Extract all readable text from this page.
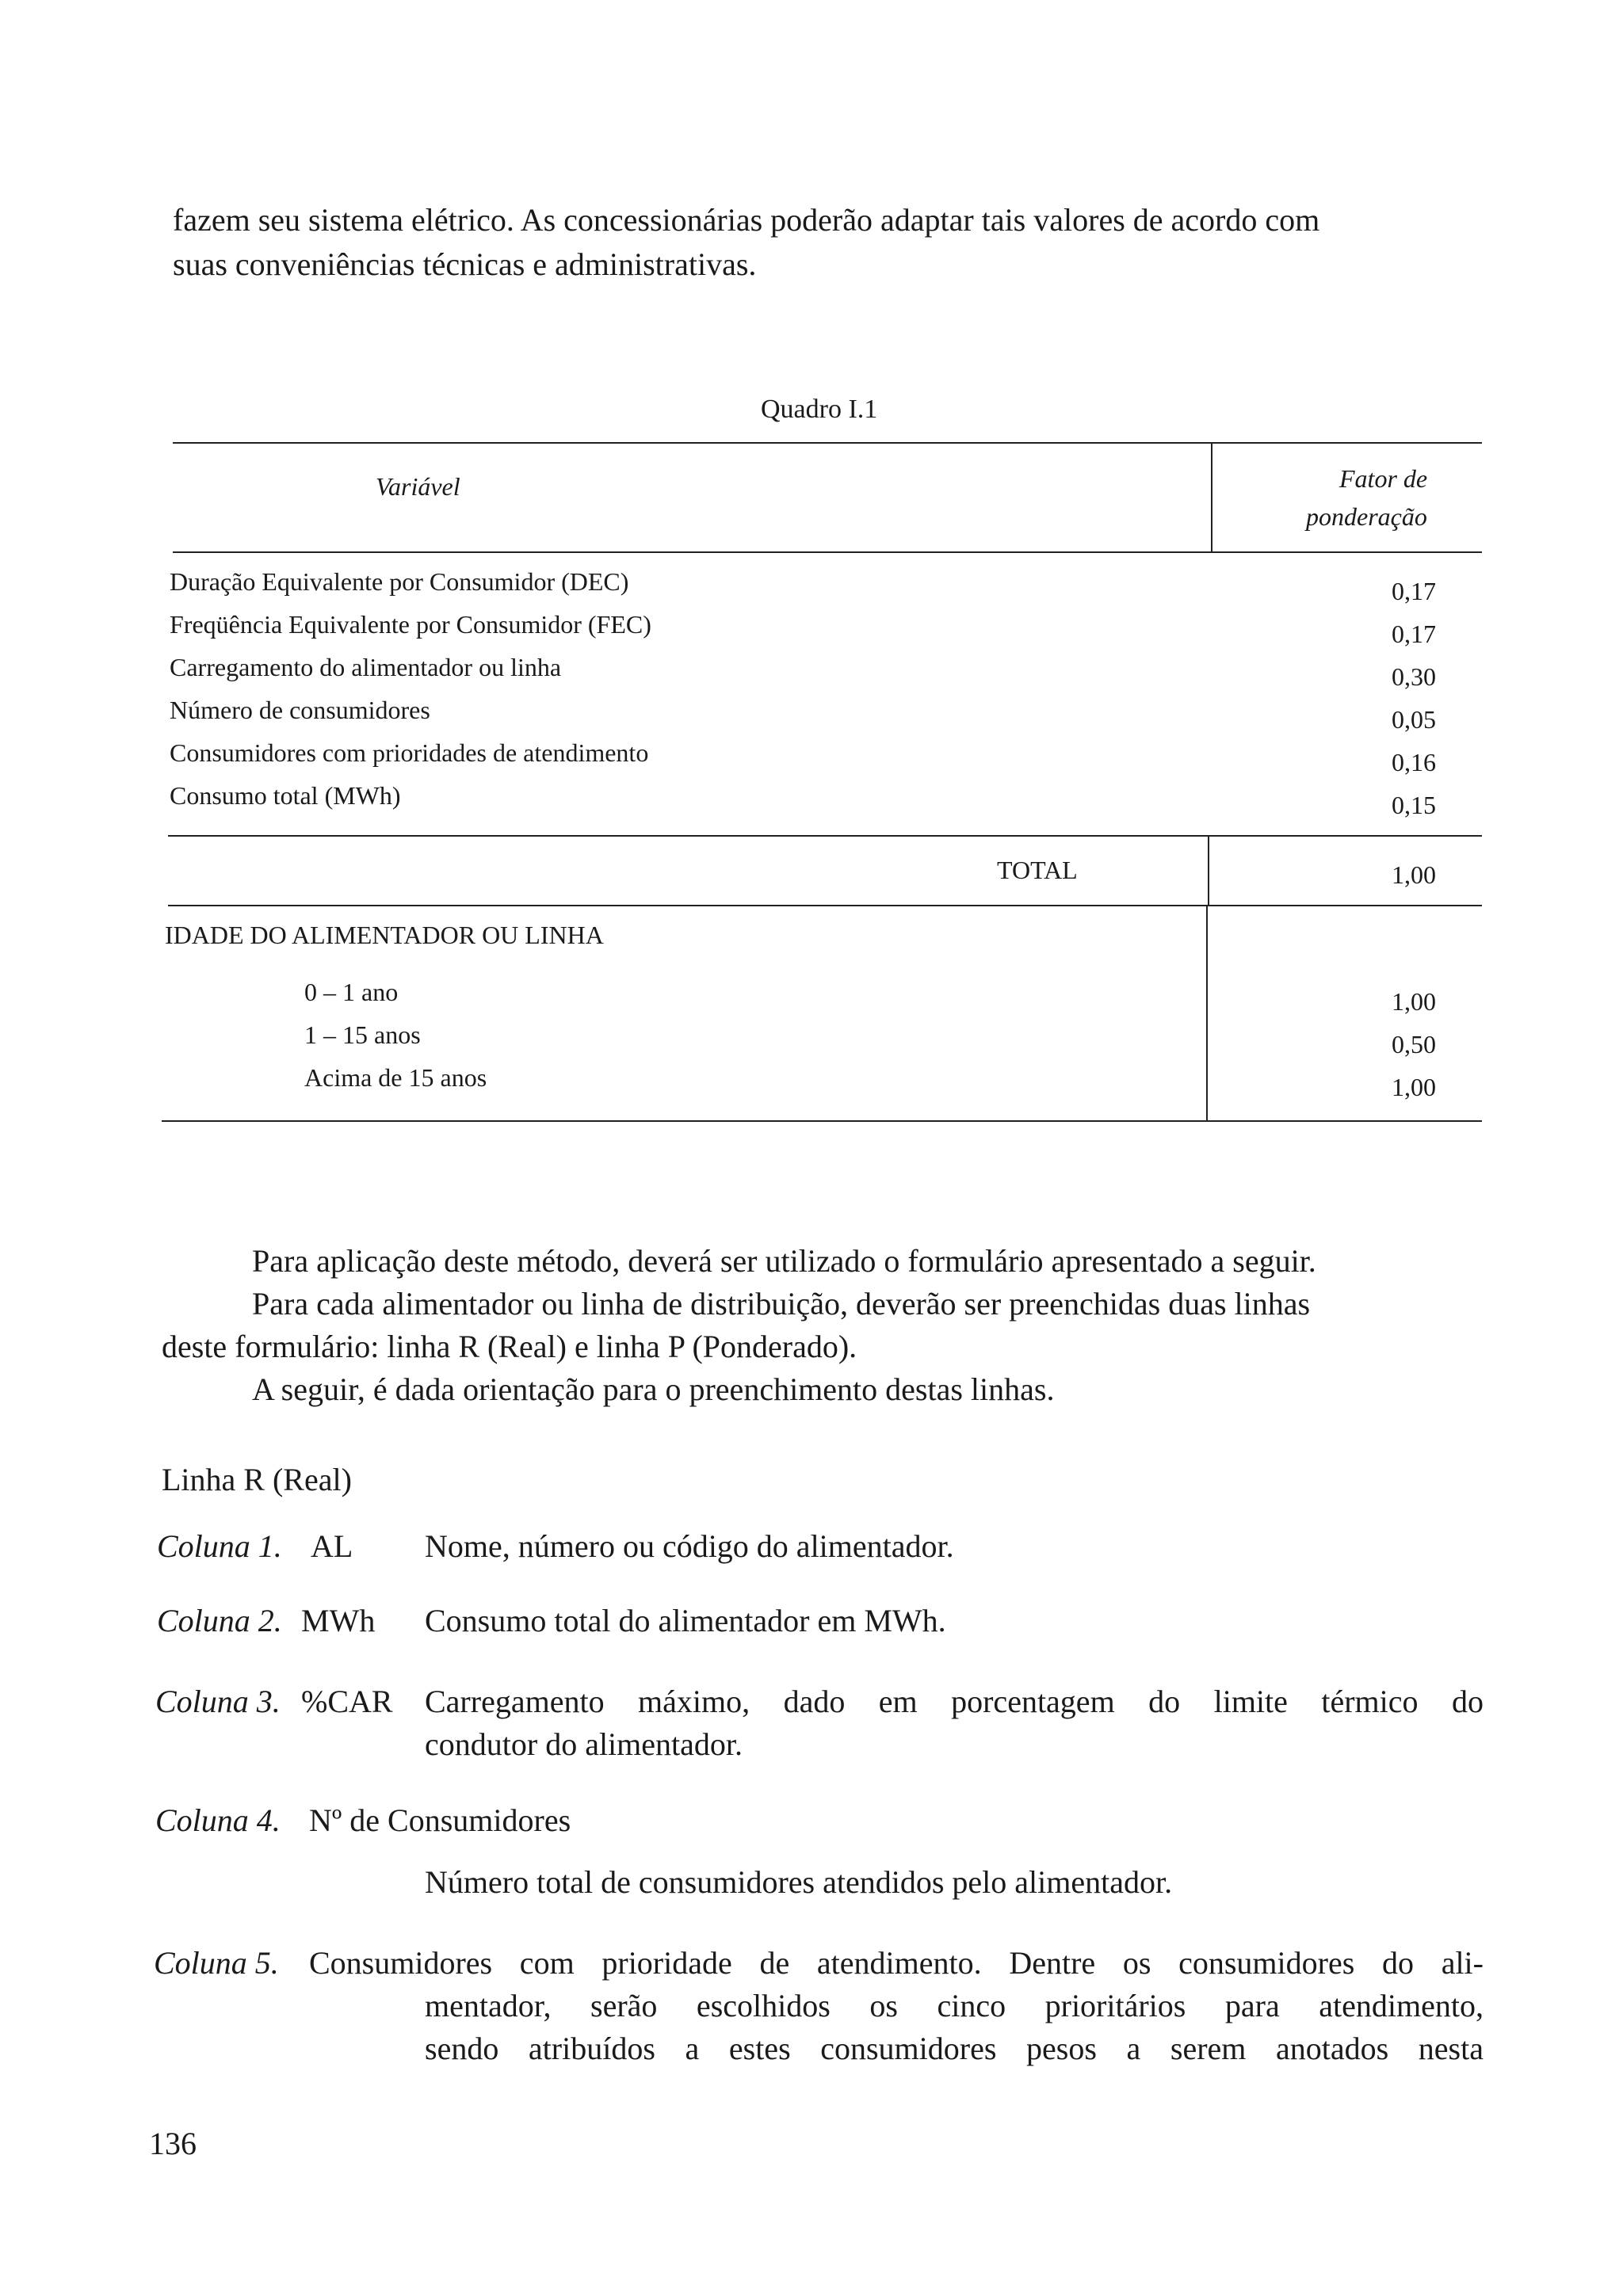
fazem seu sistema elétrico. As concessionárias poderão adaptar tais valores de acordo com
suas conveniências técnicas e administrativas.
Quadro I.1
Variável	Fator de
ponderação
Duração Equivalente por Consumidor (DEC)	0,17
Freqüência Equivalente por Consumidor (FEC)	0,17
Carregamento do alimentador ou linha	0,30
Número de consumidores	0,05
Consumidores com prioridades de atendimento	0,16
Consumo total (MWh)	0,15
TOTAL	1,00
IDADE DO ALIMENTADOR OU LINHA
0 – 1 ano	1,00
1 – 15 anos	0,50
Acima de 15 anos	1,00
Para aplicação deste método, deverá ser utilizado o formulário apresentado a seguir.
Para cada alimentador ou linha de distribuição, deverão ser preenchidas duas linhas
deste formulário: linha R (Real) e linha P (Ponderado).
A seguir, é dada orientação para o preenchimento destas linhas.
Linha R (Real)
Coluna 1. AL Nome, número ou código do alimentador.
Coluna 2. MWh Consumo total do alimentador em MWh.
Coluna 3. %CAR Carregamento máximo, dado em porcentagem do limite térmico do
condutor do alimentador.
Coluna 4. Nº de Consumidores
Número total de consumidores atendidos pelo alimentador.
Coluna 5. Consumidores com prioridade de atendimento. Dentre os consumidores do ali-
mentador, serão escolhidos os cinco prioritários para atendimento,
sendo atribuídos a estes consumidores pesos a serem anotados nesta
136
